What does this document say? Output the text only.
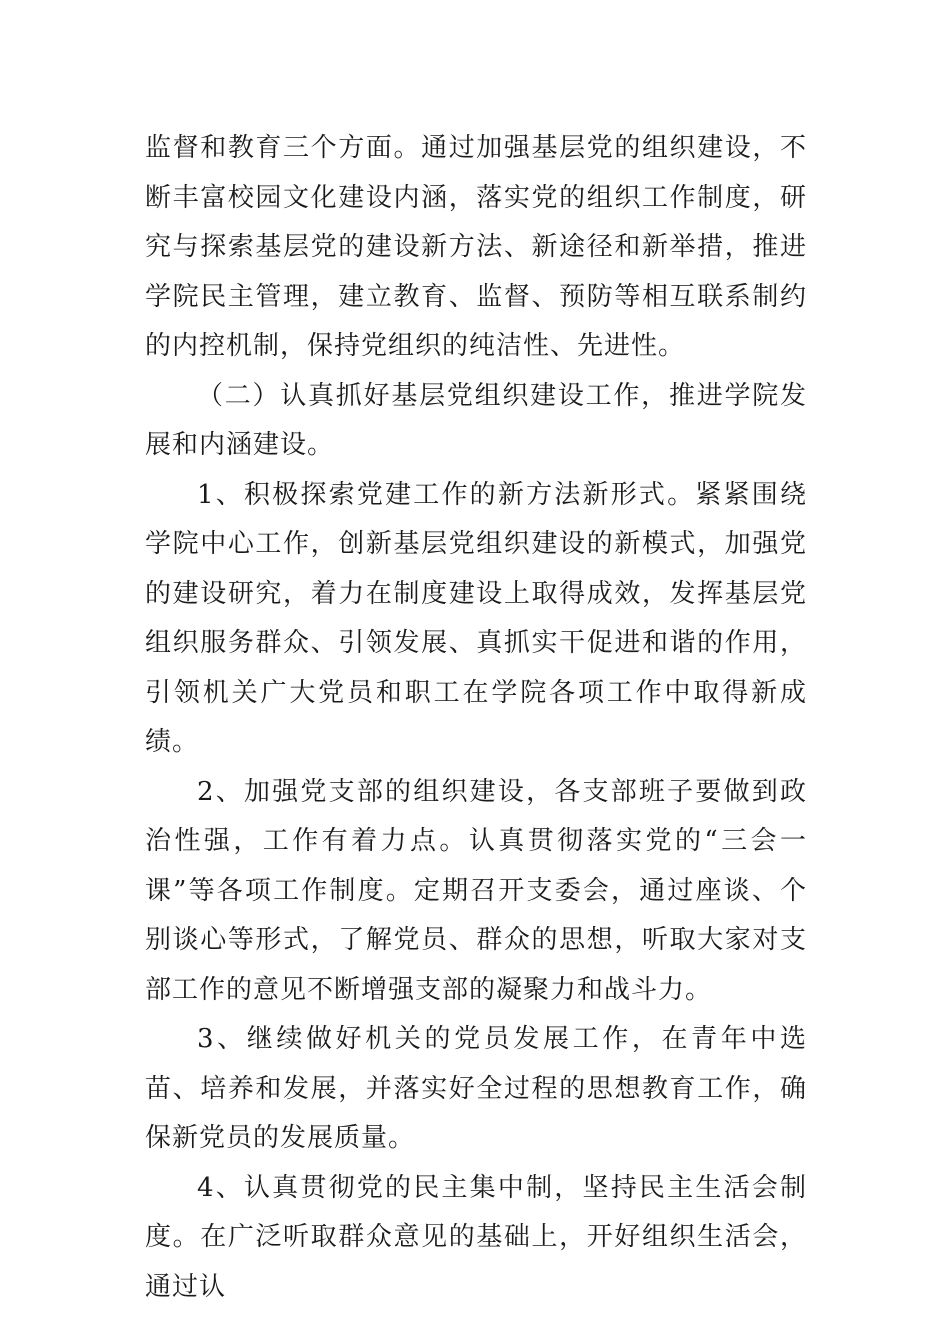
监督和教育三个方面。通过加强基层党的组织建设，不断丰富校园文化建设内涵，落实党的组织工作制度，研究与探索基层党的建设新方法、新途径和新举措，推进学院民主管理，建立教育、监督、预防等相互联系制约的内控机制，保持党组织的纯洁性、先进性。

（二）认真抓好基层党组织建设工作，推进学院发展和内涵建设。

1、积极探索党建工作的新方法新形式。紧紧围绕学院中心工作，创新基层党组织建设的新模式，加强党的建设研究，着力在制度建设上取得成效，发挥基层党组织服务群众、引领发展、真抓实干促进和谐的作用，引领机关广大党员和职工在学院各项工作中取得新成绩。

2、加强党支部的组织建设，各支部班子要做到政治性强，工作有着力点。认真贯彻落实党的“三会一课”等各项工作制度。定期召开支委会，通过座谈、个别谈心等形式，了解党员、群众的思想，听取大家对支部工作的意见不断增强支部的凝聚力和战斗力。

3、继续做好机关的党员发展工作，在青年中选苗、培养和发展，并落实好全过程的思想教育工作，确保新党员的发展质量。

4、认真贯彻党的民主集中制，坚持民主生活会制度。在广泛听取群众意见的基础上，开好组织生活会，通过认
